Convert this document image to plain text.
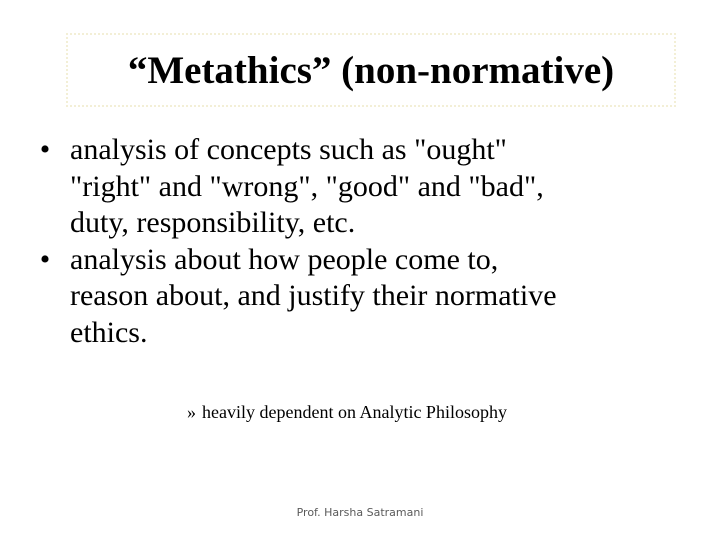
“Metathics” (non-normative)
• analysis of concepts such as "ought"
"right" and "wrong", "good" and "bad",
duty, responsibility, etc.
• analysis about how people come to,
reason about, and justify their normative
ethics.
» heavily dependent on Analytic Philosophy
Prof. Harsha Satramani
